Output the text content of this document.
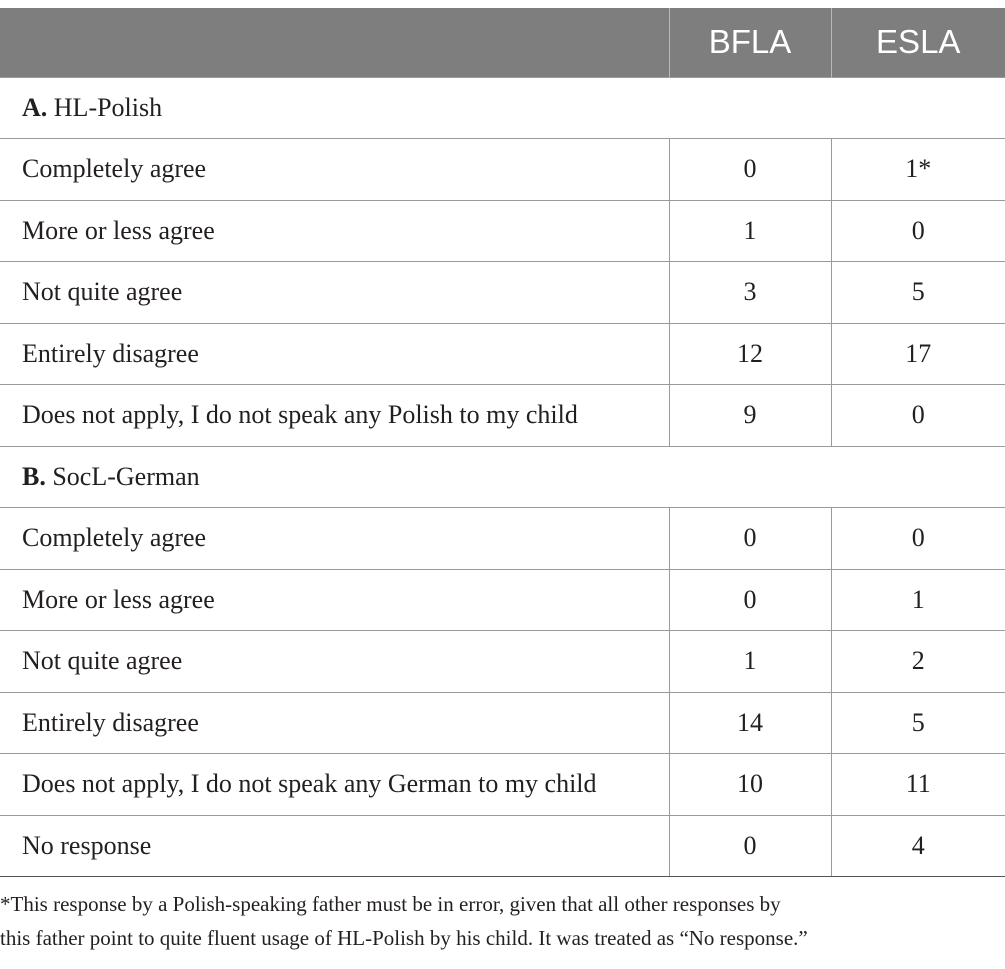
	BFLA	ESLA
A. HL-Polish		
Completely agree	0	1*
More or less agree	1	0
Not quite agree	3	5
Entirely disagree	12	17
Does not apply, I do not speak any Polish to my child	9	0
B. SocL-German		
Completely agree	0	0
More or less agree	0	1
Not quite agree	1	2
Entirely disagree	14	5
Does not apply, I do not speak any German to my child	10	11
No response	0	4
*This response by a Polish-speaking father must be in error, given that all other responses by
this father point to quite fluent usage of HL-Polish by his child. It was treated as “No response.”
